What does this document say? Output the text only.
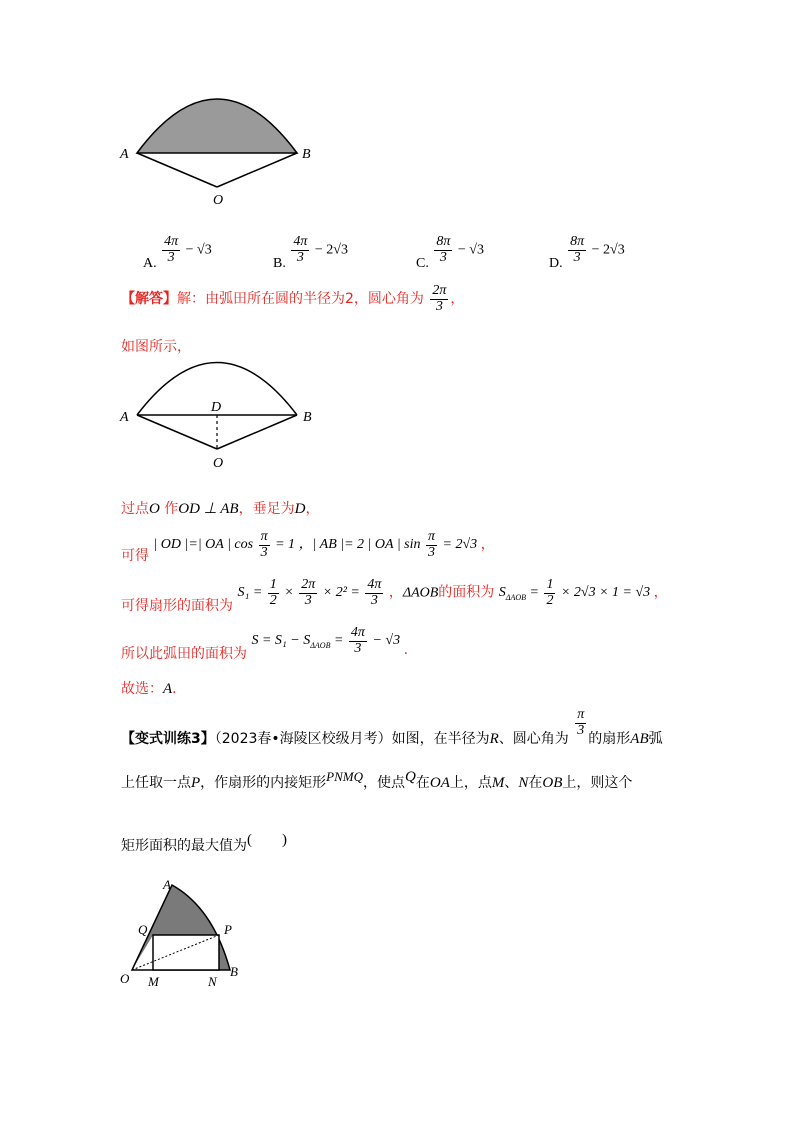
A	B
O
A. $\frac{4\pi}{3} - √3$
B. $\frac{4\pi}{3} - 2√3$
C. $\frac{8\pi}{3} - √3$
D. $\frac{8\pi}{3} - 2√3$
【解答】解：由弧田所在圆的半径为2，圆心角为 $\frac{2\pi}{3}$ ，
如图所示，
A	B
D
O
过点O 作OD ⊥ AB，垂足为D，
可得 | OD |=| OA | $\cos \frac{\pi}{3} = 1$ ，| AB |= 2 | OA | $\sin \frac{\pi}{3} = 2√3$ ，
可得扇形的面积为 $S_1 = \frac{1}{2} \times \frac{2\pi}{3} \times 2^2 = \frac{4\pi}{3}$ ，ΔAOB的面积为 $S_{\Delta AOB} = \frac{1}{2} \times 2√3 \times 1 = √3$ ，
所以此弧田的面积为 $S = S_1 - S_{\Delta AOB} = \frac{4\pi}{3} - √3$ .
故选：A.
【变式训练3】（2023春•海陵区校级月考）如图，在半径为R、圆心角为
$\frac{\pi}{3}$
的扇形AB弧
上任取一点P，作扇形的内接矩形PNMQ，使点Q在OA上，点M、N在OB上，则这个
矩形面积的最大值为(　　)
A
Q	P
O M	N
B
